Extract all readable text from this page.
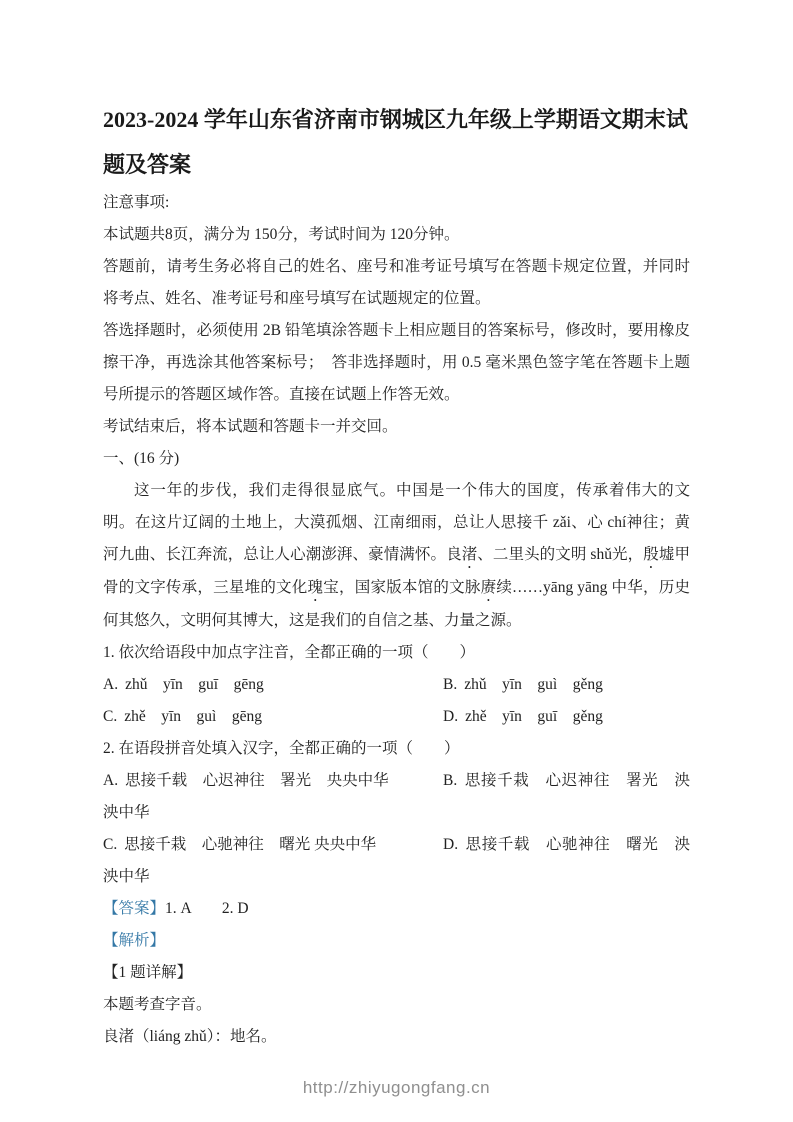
2023-2024 学年山东省济南市钢城区九年级上学期语文期末试题及答案

注意事项:

本试题共8页，满分为 150分，考试时间为 120分钟。

答题前，请考生务必将自己的姓名、座号和准考证号填写在答题卡规定位置，并同时将考点、姓名、准考证号和座号填写在试题规定的位置。

答选择题时，必须使用 2B 铅笔填涂答题卡上相应题目的答案标号，修改时，要用橡皮擦干净，再选涂其他答案标号；　答非选择题时，用 0.5 毫米黑色签字笔在答题卡上题号所提示的答题区域作答。直接在试题上作答无效。

考试结束后，将本试题和答题卡一并交回。

一、(16 分)

这一年的步伐，我们走得很显底气。中国是一个伟大的国度，传承着伟大的文明。在这片辽阔的土地上，大漠孤烟、江南细雨，总让人思接千 zǎi、心 chí神往；黄河九曲、长江奔流，总让人心潮澎湃、豪情满怀。良渚、二里头的文明 shǔ光，殷墟甲骨的文字传承，三星堆的文化瑰宝，国家版本馆的文脉赓续……yāng yāng 中华，历史何其悠久，文明何其博大，这是我们的自信之基、力量之源。

1. 依次给语段中加点字注音，全都正确的一项（　　）

A. zhǔ　yīn　guī　gēng	B. zhǔ　yīn　guì　gěng

C. zhě　yīn　guì　gēng	D. zhě　yīn　guī　gěng

2. 在语段拼音处填入汉字，全都正确的一项（　　）

A. 思接千载　心迟神往　署光　央央中华	B. 思接千栽　心迟神往　署光　泱泱中华

C. 思接千栽　心驰神往　曙光 央央中华	D. 思接千载　心驰神往　曙光　泱泱中华

【答案】1. A　　2. D

【解析】

【1 题详解】

本题考查字音。

良渚（liáng zhǔ）：地名。

http://zhiyugongfang.cn
